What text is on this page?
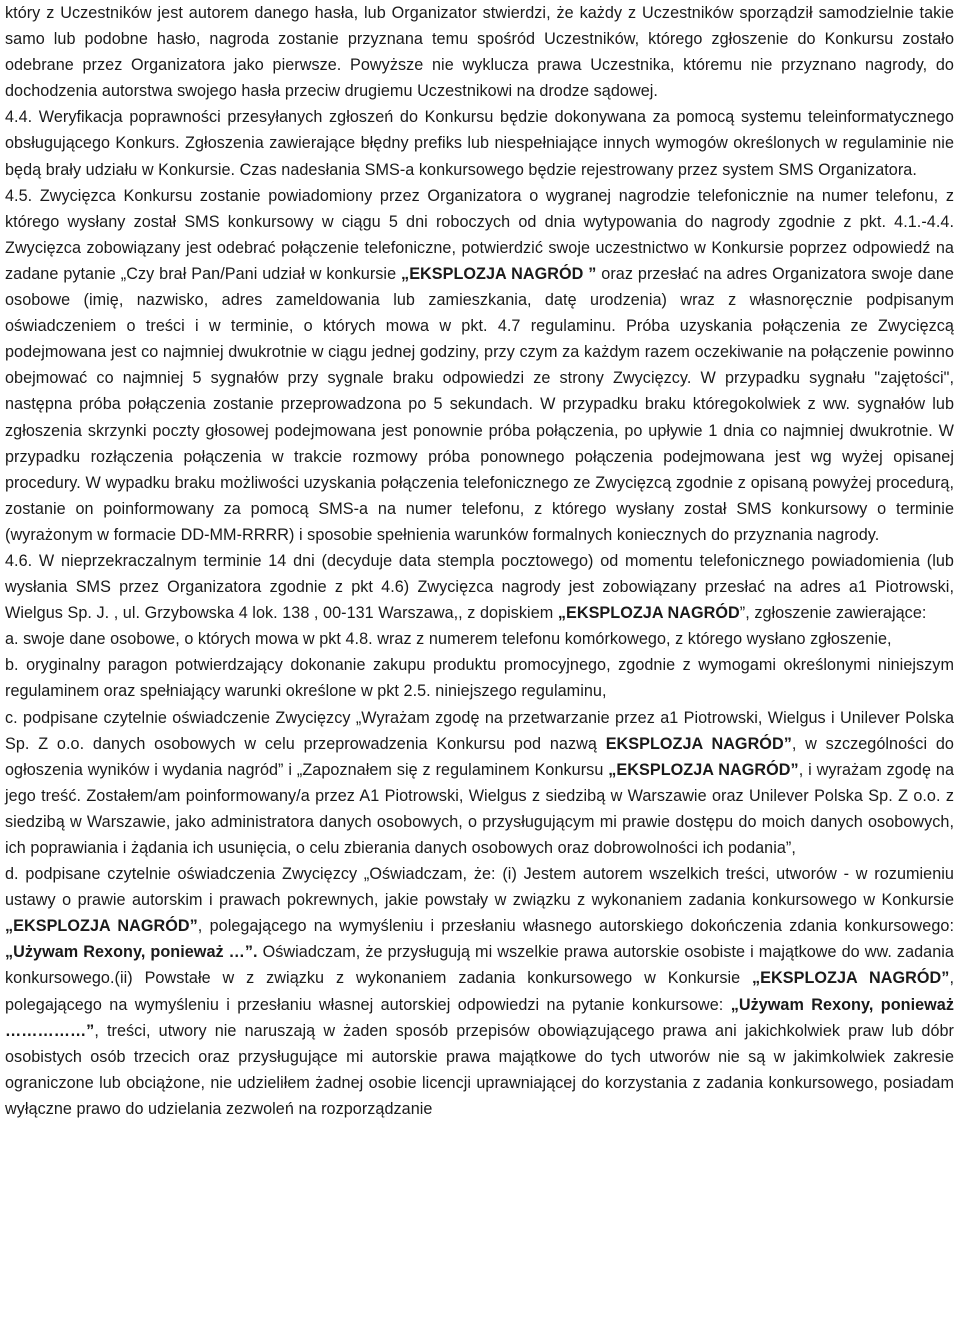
który z Uczestników jest autorem danego hasła, lub Organizator stwierdzi, że każdy z Uczestników sporządził samodzielnie takie samo lub podobne hasło, nagroda zostanie przyznana temu spośród Uczestników, którego zgłoszenie do Konkursu zostało odebrane przez Organizatora jako pierwsze. Powyższe nie wyklucza prawa Uczestnika, któremu nie przyznano nagrody, do dochodzenia autorstwa swojego hasła przeciw drugiemu Uczestnikowi na drodze sądowej.

4.4. Weryfikacja poprawności przesyłanych zgłoszeń do Konkursu będzie dokonywana za pomocą systemu teleinformatycznego obsługującego Konkurs. Zgłoszenia zawierające błędny prefiks lub niespełniające innych wymogów określonych w regulaminie nie będą brały udziału w Konkursie. Czas nadesłania SMS-a konkursowego będzie rejestrowany przez system SMS Organizatora.

4.5. Zwycięzca Konkursu zostanie powiadomiony przez Organizatora o wygranej nagrodzie telefonicznie na numer telefonu, z którego wysłany został SMS konkursowy w ciągu 5 dni roboczych od dnia wytypowania do nagrody zgodnie z pkt. 4.1.-4.4. Zwycięzca zobowiązany jest odebrać połączenie telefoniczne, potwierdzić swoje uczestnictwo w Konkursie poprzez odpowiedź na zadane pytanie „Czy brał Pan/Pani udział w konkursie „EKSPLOZJA NAGRÓD ” oraz przesłać na adres Organizatora swoje dane osobowe (imię, nazwisko, adres zameldowania lub zamieszkania, datę urodzenia) wraz z własnoręcznie podpisanym oświadczeniem o treści i w terminie, o których mowa w pkt. 4.7 regulaminu. Próba uzyskania połączenia ze Zwycięzcą podejmowana jest co najmniej dwukrotnie w ciągu jednej godziny, przy czym za każdym razem oczekiwanie na połączenie powinno obejmować co najmniej 5 sygnałów przy sygnale braku odpowiedzi ze strony Zwycięzcy. W przypadku sygnału "zajętości", następna próba połączenia zostanie przeprowadzona po 5 sekundach. W przypadku braku któregokolwiek z ww. sygnałów lub zgłoszenia skrzynki poczty głosowej podejmowana jest ponownie próba połączenia, po upływie 1 dnia co najmniej dwukrotnie. W przypadku rozłączenia połączenia w trakcie rozmowy próba ponownego połączenia podejmowana jest wg wyżej opisanej procedury. W wypadku braku możliwości uzyskania połączenia telefonicznego ze Zwycięzcą zgodnie z opisaną powyżej procedurą, zostanie on poinformowany za pomocą SMS-a na numer telefonu, z którego wysłany został SMS konkursowy o terminie (wyrażonym w formacie DD-MM-RRRR) i sposobie spełnienia warunków formalnych koniecznych do przyznania nagrody.

4.6. W nieprzekraczalnym terminie 14 dni (decyduje data stempla pocztowego) od momentu telefonicznego powiadomienia (lub wysłania SMS przez Organizatora zgodnie z pkt 4.6) Zwycięzca nagrody jest zobowiązany przesłać na adres a1 Piotrowski, Wielgus Sp. J. , ul. Grzybowska 4 lok. 138 , 00-131 Warszawa,, z dopiskiem „EKSPLOZJA NAGRÓD”, zgłoszenie zawierające:

a. swoje dane osobowe, o których mowa w pkt 4.8. wraz z numerem telefonu komórkowego, z którego wysłano zgłoszenie,

b. oryginalny paragon potwierdzający dokonanie zakupu produktu promocyjnego, zgodnie z wymogami określonymi niniejszym regulaminem oraz spełniający warunki określone w pkt 2.5. niniejszego regulaminu,

c. podpisane czytelnie oświadczenie Zwycięzcy „Wyrażam zgodę na przetwarzanie przez a1 Piotrowski, Wielgus i Unilever Polska Sp. Z o.o. danych osobowych w celu przeprowadzenia Konkursu pod nazwą EKSPLOZJA NAGRÓD”, w szczególności do ogłoszenia wyników i wydania nagród” i „Zapoznałem się z regulaminem Konkursu „EKSPLOZJA NAGRÓD”, i wyrażam zgodę na jego treść. Zostałem/am poinformowany/a przez A1 Piotrowski, Wielgus z siedzibą w Warszawie oraz Unilever Polska Sp. Z o.o. z siedzibą w Warszawie, jako administratora danych osobowych, o przysługującym mi prawie dostępu do moich danych osobowych, ich poprawiania i żądania ich usunięcia, o celu zbierania danych osobowych oraz dobrowolności ich podania”,

d. podpisane czytelnie oświadczenia Zwycięzcy „Oświadczam, że: (i) Jestem autorem wszelkich treści, utworów - w rozumieniu ustawy o prawie autorskim i prawach pokrewnych, jakie powstały w związku z wykonaniem zadania konkursowego w Konkursie „EKSPLOZJA NAGRÓD”, polegającego na wymyśleniu i przesłaniu własnego autorskiego dokończenia zdania konkursowego: „Używam Rexony, ponieważ …”. Oświadczam, że przysługują mi wszelkie prawa autorskie osobiste i majątkowe do ww. zadania konkursowego.(ii) Powstałe w z związku z wykonaniem zadania konkursowego w Konkursie „EKSPLOZJA NAGRÓD”, polegającego na wymyśleniu i przesłaniu własnej autorskiej odpowiedzi na pytanie konkursowe: „Używam Rexony, ponieważ ……………”, treści, utwory nie naruszają w żaden sposób przepisów obowiązującego prawa ani jakichkolwiek praw lub dóbr osobistych osób trzecich oraz przysługujące mi autorskie prawa majątkowe do tych utworów nie są w jakimkolwiek zakresie ograniczone lub obciążone, nie udzieliłem żadnej osobie licencji uprawniającej do korzystania z zadania konkursowego, posiadam wyłączne prawo do udzielania zezwoleń na rozporządzanie
